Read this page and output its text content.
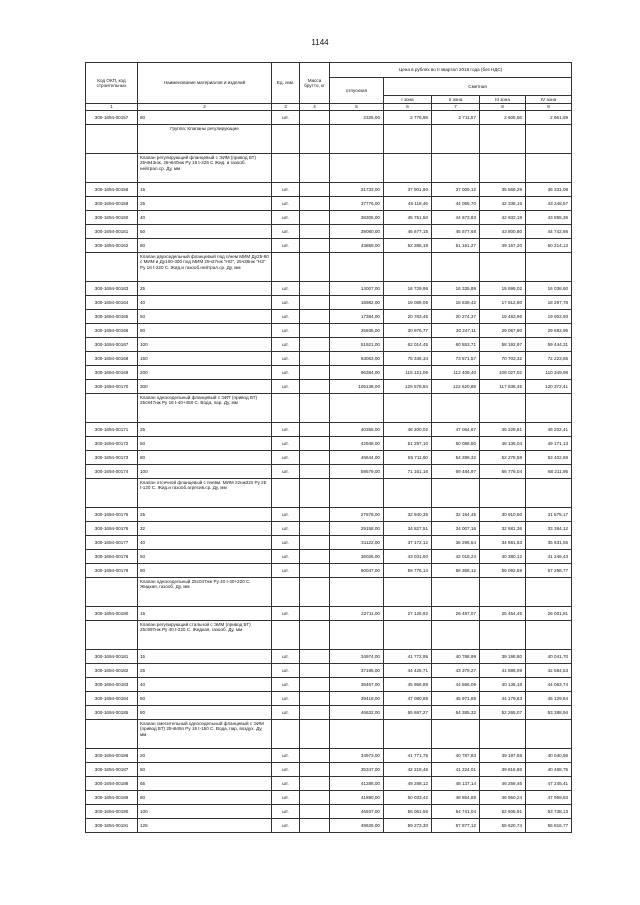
1144
Код ОКП, код строительных	Наименование материалов и изделий	Ед. изм.	Масса брутто, кг	Цена в рублях во II квартал 2016 года (без НДС)				
				отпускная	Сметная			
					I зона	II зона	III зона	IV зона
1	2	3	4	5	6	7	8	9
300-1694-00157	80	шт.		2325,00	2 776,98	2 711,57	2 605,56	2 661,69
	Группа: Клапаны регулирующие							
	Клапан регулирующий фланцевый с ЭИМ (привод БТ) 25ч943нж, 25ч940нж Ру 16 t-225 С Жид. и газооб. нейтрал.ср. Ду, мм							
300-1694-00158	15	шт.		31733,00	37 901,90	37 009,12	35 566,29	36 331,08
300-1694-00159	25	шт.		37776,00	45 118,46	44 055,70	42 338,15	43 248,57
300-1694-00160	40	шт.		38305,00	45 751,50	44 673,83	42 932,18	43 855,36
300-1694-00161	50	шт.		39080,00	46 677,15	45 577,68	43 800,80	44 742,66
300-1694-00162	80	шт.		43859,00	52 385,19	51 151,27	49 157,20	50 214,13
	Клапан двухседельный фланцевый под п/нем МИМ Ду25-80 с МИМ и Ду100-300 под МИМ 25ч37нж "НО", 25ч38нж "НЗ" Ру 16 t-220 С. Жид.и газооб.нейтрал.ср. Ду, мм							
300-1694-00163	25	шт.		14007,00	16 729,96	16 335,89	15 699,02	16 036,60
300-1694-00164	40	шт.		15982,00	19 089,06	18 639,42	17 912,80	18 297,78
300-1694-00165	50	шт.		17384,00	20 763,45	20 274,37	19 483,96	19 902,93
300-1694-00166	80	шт.		25935,00	30 976,77	30 247,11	29 067,90	29 692,96
300-1694-00167	100	шт.		51921,00	62 014,45	60 553,71	58 192,97	59 444,31
300-1694-00168	150	шт.		63063,00	75 346,34	73 571,57	70 703,32	72 223,65
300-1694-00169	200	шт.		96384,00	115 121,06	112 409,40	108 027,02	110 349,98
300-1694-00170	300	шт.		105138,00	125 578,84	122 620,89	117 838,45	120 372,41
	Клапан односедельный фланцевый с ЭИТ (привод БТ) 25с947нж Ру 16 t-40+450 С. Вода, пар. Ду, мм							
300-1694-00171	25	шт.		40355,00	48 200,02	47 064,67	45 229,81	46 202,41
300-1694-00172	50	шт.		42948,00	51 297,10	50 088,80	48 136,04	49 171,13
300-1694-00173	80	шт.		46644,00	55 711,60	54 399,32	52 278,58	53 402,68
300-1694-00174	100	шт.		59579,00	71 161,16	69 484,97	66 776,04	68 211,95
	Клапан отсечной фланцевый с пневм. МИМ 22нж32п Ру 25 t-120 С. Жид.и газооб.агресив.ср. Ду, мм							
300-1694-00175	25	шт.		27578,00	32 940,35	32 164,45	30 910,50	31 575,17
300-1694-00176	32	шт.		29158,00	34 827,51	34 007,16	32 681,36	33 384,12
300-1694-00177	40	шт.		31122,00	37 172,12	36 296,54	34 881,53	35 631,55
300-1694-00178	50	шт.		36026,00	43 031,60	42 018,24	40 380,12	41 248,43
300-1694-00179	80	шт.		50047,00	59 776,14	58 368,12	56 092,59	57 298,77
	Клапан односедельный 25с047нж Ру 40 t-40+220 С. Жидкая, газооб. Ду, мм							
300-1694-00180	15	шт.		22711,00	27 126,92	26 487,07	25 454,45	26 001,81
	Клапан регулирующий стальной с ЭИМ (привод БТ) 25с997нж Ру 40 t-220 С. Жидкая, газооб. Ду, мм							
300-1694-00181	15	шт.		34974,00	41 772,95	40 788,99	39 198,80	40 041,70
300-1694-00182	25	шт.		37195,00	44 425,71	43 379,27	41 688,09	42 584,53
300-1694-00183	40	шт.		38467,00	45 956,88	44 866,09	40 136,18	44 063,74
300-1694-00184	50	шт.		39418,00	47 080,88	45 971,88	44 179,63	45 129,64
300-1694-00185	80	шт.		46632,00	55 697,27	54 385,32	52 265,07	53 388,94
	Клапан смесительный односедельный фланцевый с ЭИМ (привод БТ) 25ч945п Ру 16 t-150 С. Вода, пар, воздух. Ду, мм							
300-1694-00186	20	шт.		34973,00	41 771,75	40 787,83	39 197,68	40 040,56
300-1694-00187	50	шт.		35347,00	42 218,46	41 224,01	39 616,86	40 468,75
300-1694-00188	65	шт.		41286,00	49 288,12	48 137,14	46 258,46	47 245,41
300-1694-00189	80	шт.		41890,00	50 033,42	48 854,89	46 950,24	47 959,83
300-1694-00190	100	шт.		46937,00	56 061,56	54 741,04	52 606,91	53 738,13
300-1694-00191	125	шт.		49626,00	59 273,30	57 877,12	55 620,74	56 816,77
